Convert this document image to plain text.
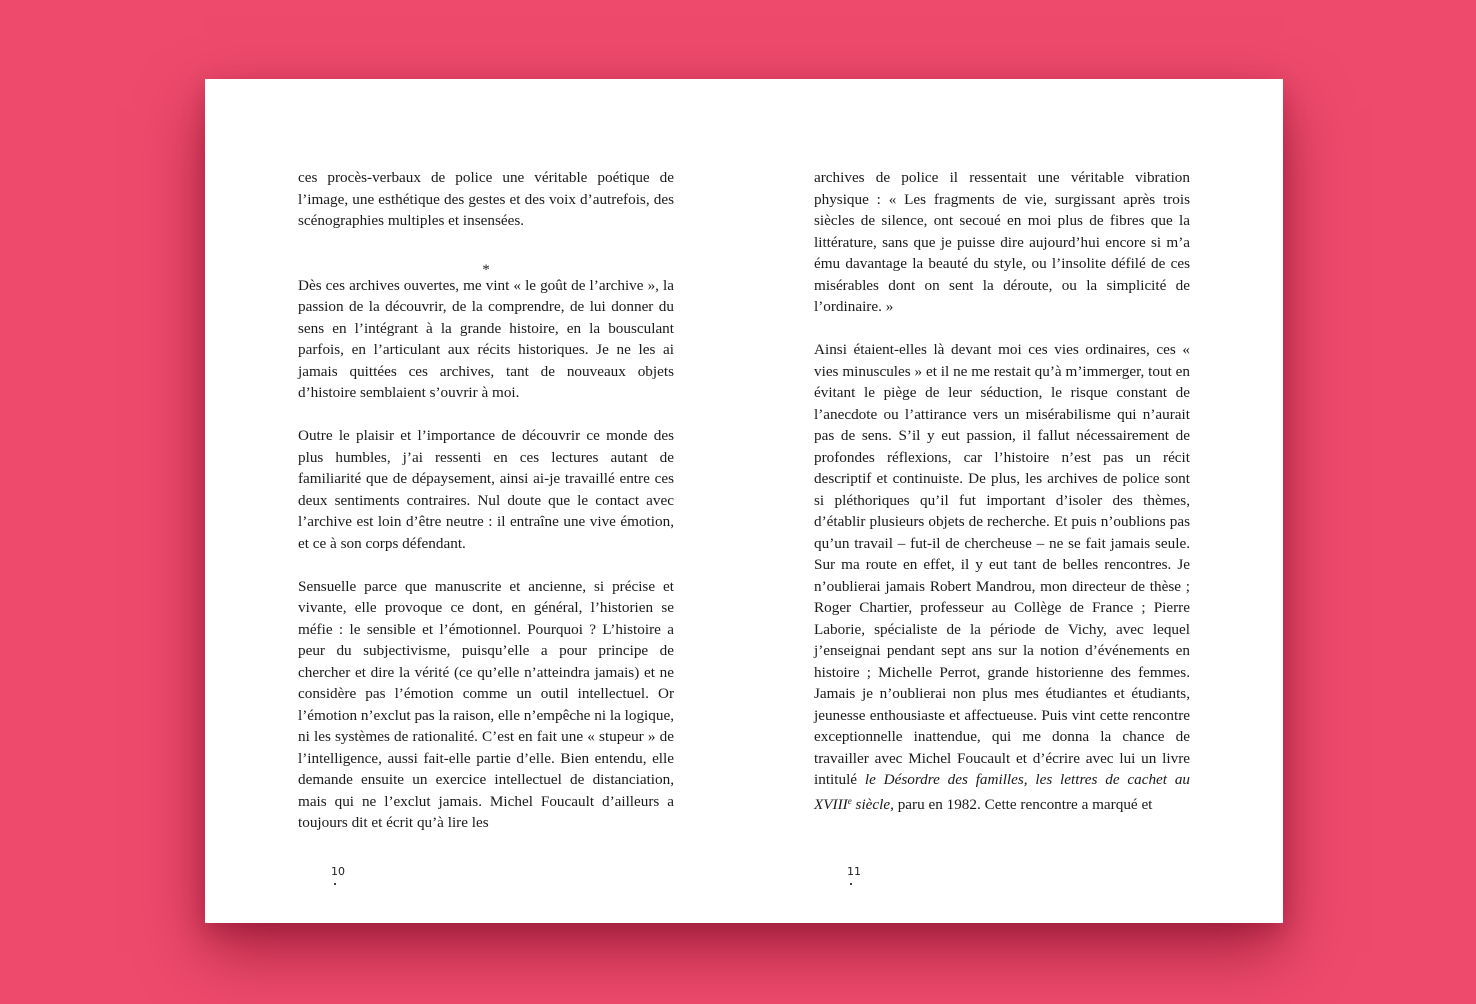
ces procès-verbaux de police une véritable poétique de l’image, une esthétique des gestes et des voix d’autrefois, des scénographies multiples et insensées.

*

Dès ces archives ouvertes, me vint « le goût de l’archive », la passion de la découvrir, de la comprendre, de lui donner du sens en l’intégrant à la grande histoire, en la bousculant parfois, en l’articulant aux récits historiques. Je ne les ai jamais quittées ces archives, tant de nouveaux objets d’histoire semblaient s’ouvrir à moi.

Outre le plaisir et l’importance de découvrir ce monde des plus humbles, j’ai ressenti en ces lectures autant de familiarité que de dépaysement, ainsi ai-je travaillé entre ces deux sentiments contraires. Nul doute que le contact avec l’archive est loin d’être neutre : il entraîne une vive émotion, et ce à son corps défendant.

Sensuelle parce que manuscrite et ancienne, si précise et vivante, elle provoque ce dont, en général, l’historien se méfie : le sensible et l’émotionnel. Pourquoi ? L’histoire a peur du subjectivisme, puisqu’elle a pour principe de chercher et dire la vérité (ce qu’elle n’atteindra jamais) et ne considère pas l’émotion comme un outil intellectuel. Or l’émotion n’exclut pas la raison, elle n’empêche ni la logique, ni les systèmes de rationalité. C’est en fait une « stupeur » de l’intelligence, aussi fait-elle partie d’elle. Bien entendu, elle demande ensuite un exercice intellectuel de distanciation, mais qui ne l’exclut jamais. Michel Foucault d’ailleurs a toujours dit et écrit qu’à lire les

10

archives de police il ressentait une véritable vibration physique : « Les fragments de vie, surgissant après trois siècles de silence, ont secoué en moi plus de fibres que la littérature, sans que je puisse dire aujourd’hui encore si m’a ému davantage la beauté du style, ou l’insolite défilé de ces misérables dont on sent la déroute, ou la simplicité de l’ordinaire. »

Ainsi étaient-elles là devant moi ces vies ordinaires, ces « vies minuscules » et il ne me restait qu’à m’immerger, tout en évitant le piège de leur séduction, le risque constant de l’anecdote ou l’attirance vers un misérabilisme qui n’aurait pas de sens. S’il y eut passion, il fallut nécessairement de profondes réflexions, car l’histoire n’est pas un récit descriptif et continuiste. De plus, les archives de police sont si pléthoriques qu’il fut important d’isoler des thèmes, d’établir plusieurs objets de recherche. Et puis n’oublions pas qu’un travail – fut-il de chercheuse – ne se fait jamais seule. Sur ma route en effet, il y eut tant de belles rencontres. Je n’oublierai jamais Robert Mandrou, mon directeur de thèse ; Roger Chartier, professeur au Collège de France ; Pierre Laborie, spécialiste de la période de Vichy, avec lequel j’enseignai pendant sept ans sur la notion d’événements en histoire ; Michelle Perrot, grande historienne des femmes. Jamais je n’oublierai non plus mes étudiantes et étudiants, jeunesse enthousiaste et affectueuse. Puis vint cette rencontre exceptionnelle inattendue, qui me donna la chance de travailler avec Michel Foucault et d’écrire avec lui un livre intitulé le Désordre des familles, les lettres de cachet au XVIIIe siècle, paru en 1982. Cette rencontre a marqué et

11
